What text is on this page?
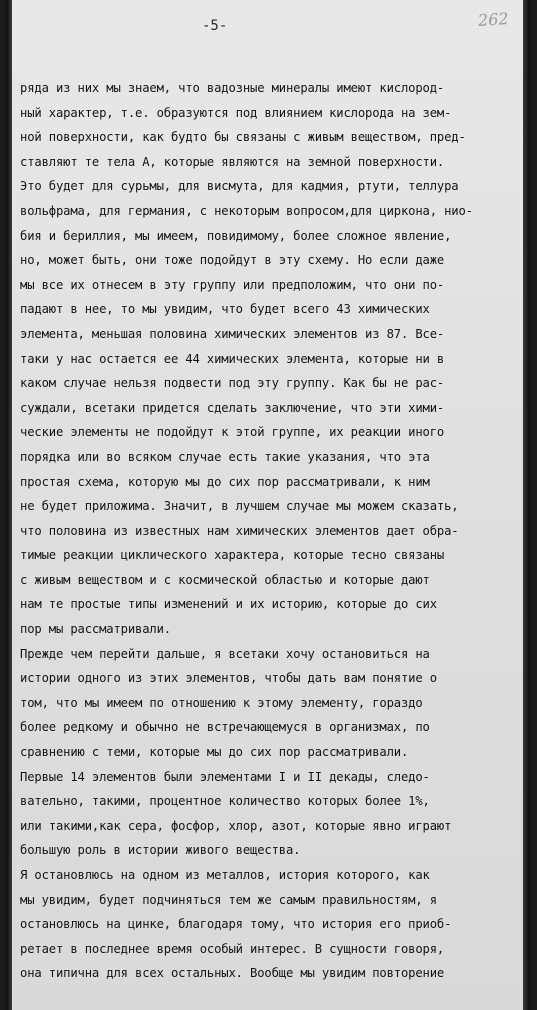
-5-	262
ряда из них мы знаем, что вадозные минералы имеют кислород-
ный характер, т.е. образуются под влиянием кислорода на зем-
ной поверхности, как будто бы связаны с живым веществом, пред-
ставляют те тела А, которые являются на земной поверхности.
Это будет для сурьмы, для висмута, для кадмия, ртути, теллура
вольфрама, для германия, с некоторым вопросом,для циркона, нио-
бия и бериллия, мы имеем, повидимому, более сложное явление,
но, может быть, они тоже подойдут в эту схему. Но если даже
мы все их отнесем в эту группу или предположим, что они по-
падают в нее, то мы увидим, что будет всего 43 химических
элемента, меньшая половина химических элементов из 87. Все-
таки у нас остается ее 44 химических элемента, которые ни в
каком случае нельзя подвести под эту группу. Как бы не рас-
суждали, всетаки придется сделать заключение, что эти хими-
ческие элементы не подойдут к этой группе, их реакции иного
порядка или во всяком случае есть такие указания, что эта
простая схема, которую мы до сих пор рассматривали, к ним
не будет приложима. Значит, в лучшем случае мы можем сказать,
что половина из известных нам химических элементов дает обра-
тимые реакции циклического характера, которые тесно связаны
с живым веществом и с космической областью и которые дают
нам те простые типы изменений и их историю, которые до сих
пор мы рассматривали.
Прежде чем перейти дальше, я всетаки хочу остановиться на
истории одного из этих элементов, чтобы дать вам понятие о
том, что мы имеем по отношению к этому элементу, гораздо
более редкому и обычно не встречающемуся в организмах, по
сравнению с теми, которые мы до сих пор рассматривали.
Первые 14 элементов были элементами I и II декады, следо-
вательно, такими, процентное количество которых более 1%,
или такими,как сера, фосфор, хлор, азот, которые явно играют
большую роль в истории живого вещества.
Я остановлюсь на одном из металлов, история которого, как
мы увидим, будет подчиняться тем же самым правильностям, я
остановлюсь на цинке, благодаря тому, что история его приоб-
ретает в последнее время особый интерес. В сущности говоря,
она типична для всех остальных. Вообще мы увидим повторение
